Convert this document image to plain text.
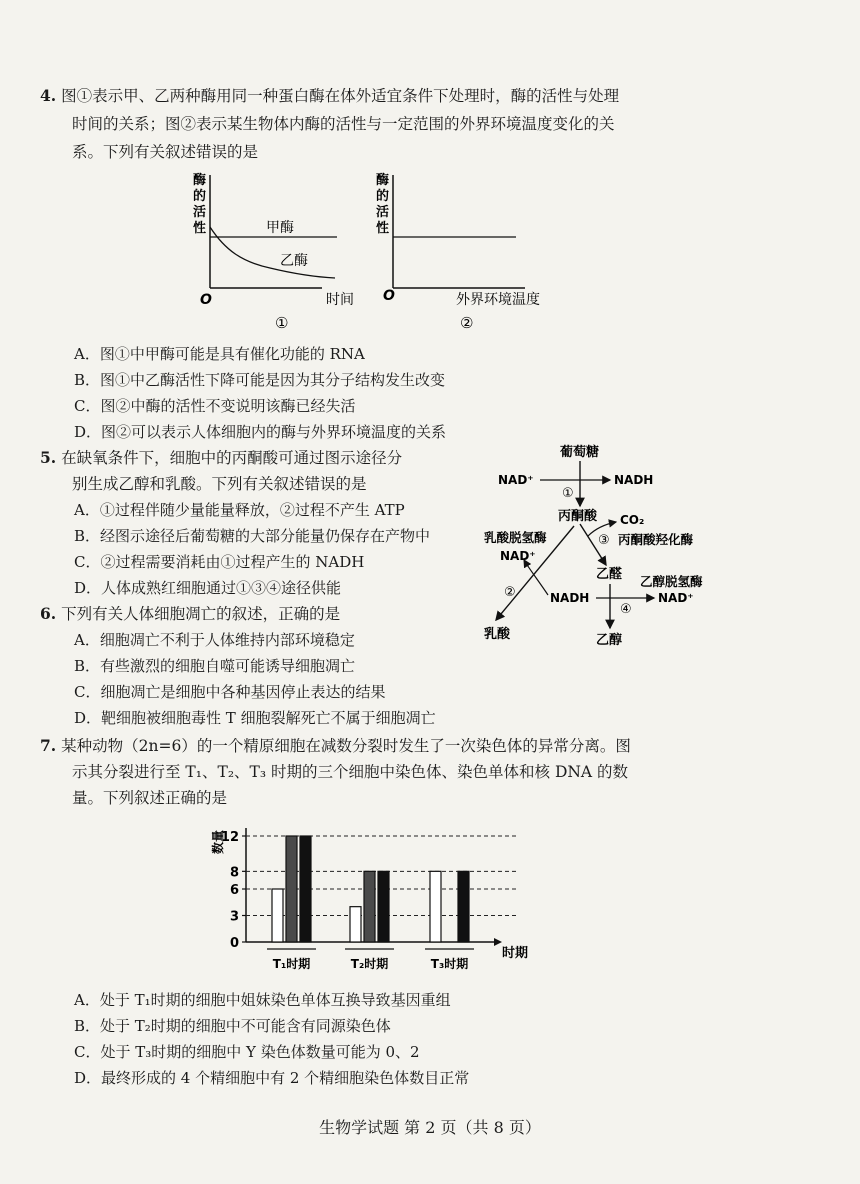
4. 图①表示甲、乙两种酶用同一种蛋白酶在体外适宜条件下处理时，酶的活性与处理
时间的关系；图②表示某生物体内酶的活性与一定范围的外界环境温度变化的关
系。下列有关叙述错误的是
酶
的
活
性	甲酶
乙酶
O	时间
①
酶
的
活
性
O	外界环境温度
②
A．图①中甲酶可能是具有催化功能的 RNA
B．图①中乙酶活性下降可能是因为其分子结构发生改变
C．图②中酶的活性不变说明该酶已经失活
D．图②可以表示人体细胞内的酶与外界环境温度的关系
5. 在缺氧条件下，细胞中的丙酮酸可通过图示途径分
别生成乙醇和乳酸。下列有关叙述错误的是
A．①过程伴随少量能量释放，②过程不产生 ATP
B．经图示途径后葡萄糖的大部分能量仍保存在产物中
C．②过程需要消耗由①过程产生的 NADH
D．人体成熟红细胞通过①③④途径供能
葡萄糖
NAD⁺	NADH
①
丙酮酸 CO₂
③ 丙酮酸羟化酶
乳酸脱氢酶
NAD⁺
②	NADH
乙醛 乙醇脱氢酶
NAD⁺
④
乳酸	乙醇
6. 下列有关人体细胞凋亡的叙述，正确的是
A．细胞凋亡不利于人体维持内部环境稳定
B．有些激烈的细胞自噬可能诱导细胞凋亡
C．细胞凋亡是细胞中各种基因停止表达的结果
D．靶细胞被细胞毒性 T 细胞裂解死亡不属于细胞凋亡
7. 某种动物（2n=6）的一个精原细胞在减数分裂时发生了一次染色体的异常分离。图
示其分裂进行至 T₁、T₂、T₃ 时期的三个细胞中染色体、染色单体和核 DNA 的数
量。下列叙述正确的是
0
3
6
8
12
T₁时期	T₂时期	T₃时期
数量
时期
A．处于 T₁时期的细胞中姐妹染色单体互换导致基因重组
B．处于 T₂时期的细胞中不可能含有同源染色体
C．处于 T₃时期的细胞中 Y 染色体数量可能为 0、2
D．最终形成的 4 个精细胞中有 2 个精细胞染色体数目正常
生物学试题 第 2 页（共 8 页）
